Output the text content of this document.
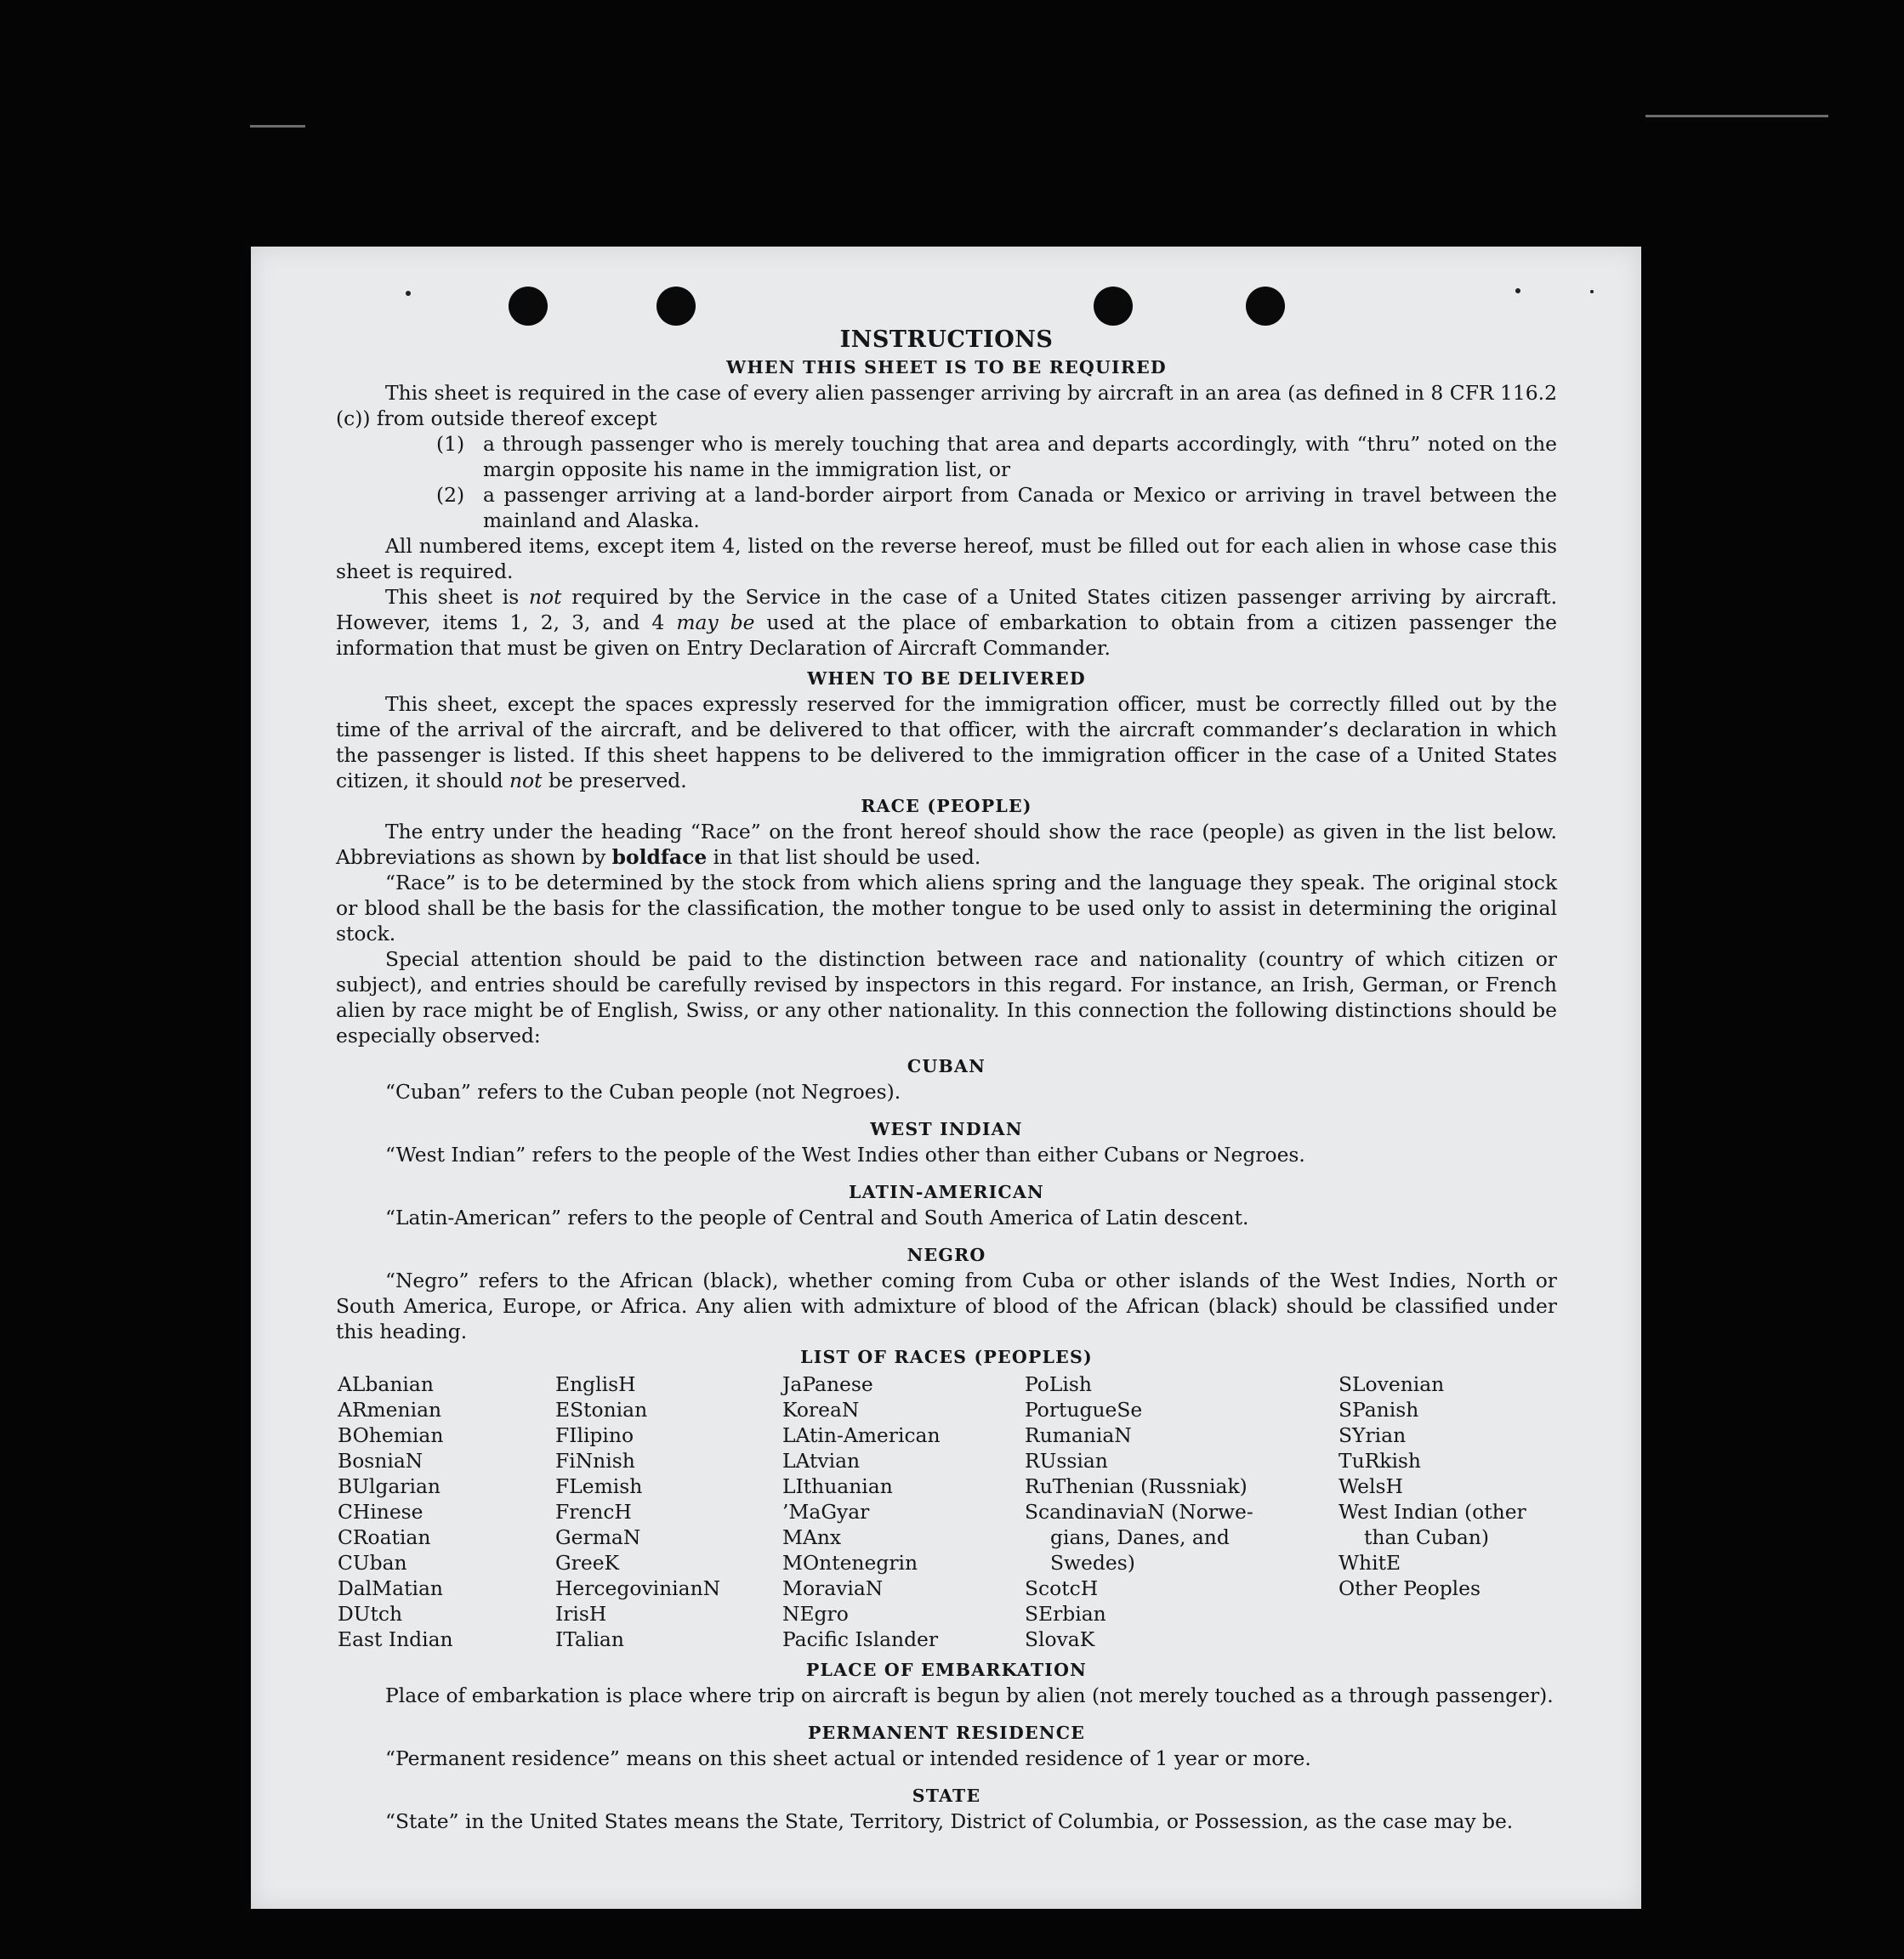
INSTRUCTIONS
WHEN THIS SHEET IS TO BE REQUIRED

This sheet is required in the case of every alien passenger arriving by aircraft in an area (as defined in 8 CFR 116.2 (c)) from outside thereof except

(1) a through passenger who is merely touching that area and departs accordingly, with “thru” noted on the margin opposite his name in the immigration list, or
(2) a passenger arriving at a land-border airport from Canada or Mexico or arriving in travel between the mainland and Alaska.

All numbered items, except item 4, listed on the reverse hereof, must be filled out for each alien in whose case this sheet is required.

This sheet is not required by the Service in the case of a United States citizen passenger arriving by aircraft. However, items 1, 2, 3, and 4 may be used at the place of embarkation to obtain from a citizen passenger the information that must be given on Entry Declaration of Aircraft Commander.

WHEN TO BE DELIVERED

This sheet, except the spaces expressly reserved for the immigration officer, must be correctly filled out by the time of the arrival of the aircraft, and be delivered to that officer, with the aircraft commander’s declaration in which the passenger is listed. If this sheet happens to be delivered to the immigration officer in the case of a United States citizen, it should not be preserved.

RACE (PEOPLE)

The entry under the heading “Race” on the front hereof should show the race (people) as given in the list below. Abbreviations as shown by boldface in that list should be used.

“Race” is to be determined by the stock from which aliens spring and the language they speak. The original stock or blood shall be the basis for the classification, the mother tongue to be used only to assist in determining the original stock.

Special attention should be paid to the distinction between race and nationality (country of which citizen or subject), and entries should be carefully revised by inspectors in this regard. For instance, an Irish, German, or French alien by race might be of English, Swiss, or any other nationality. In this connection the following distinctions should be especially observed:

CUBAN

“Cuban” refers to the Cuban people (not Negroes).

WEST INDIAN

“West Indian” refers to the people of the West Indies other than either Cubans or Negroes.

LATIN-AMERICAN

“Latin-American” refers to the people of Central and South America of Latin descent.

NEGRO

“Negro” refers to the African (black), whether coming from Cuba or other islands of the West Indies, North or South America, Europe, or Africa. Any alien with admixture of blood of the African (black) should be classified under this heading.

LIST OF RACES (PEOPLES)
ALbanian
ARmenian
BOhemian
BosniaN
BUlgarian
CHinese
CRoatian
CUban
DalMatian
DUtch
East Indian
EnglisH
EStonian
FIlipino
FiNnish
FLemish
FrencH
GermaN
GreeK
HercegovinianN
IrisH
ITalian
JaPanese
KoreaN
LAtin-American
LAtvian
LIthuanian
’MaGyar
MAnx
MOntenegrin
MoraviaN
NEgro
Pacific Islander
PoLish
PortugueSe
RumaniaN
RUssian
RuThenian (Russniak)
ScandinaviaN (Norwe-
gians, Danes, and
Swedes)
ScotcH
SErbian
SlovaK
SLovenian
SPanish
SYrian
TuRkish
WelsH
West Indian (other
than Cuban)
WhitE
Other Peoples
PLACE OF EMBARKATION

Place of embarkation is place where trip on aircraft is begun by alien (not merely touched as a through passenger).

PERMANENT RESIDENCE

“Permanent residence” means on this sheet actual or intended residence of 1 year or more.

STATE

“State” in the United States means the State, Territory, District of Columbia, or Possession, as the case may be.
